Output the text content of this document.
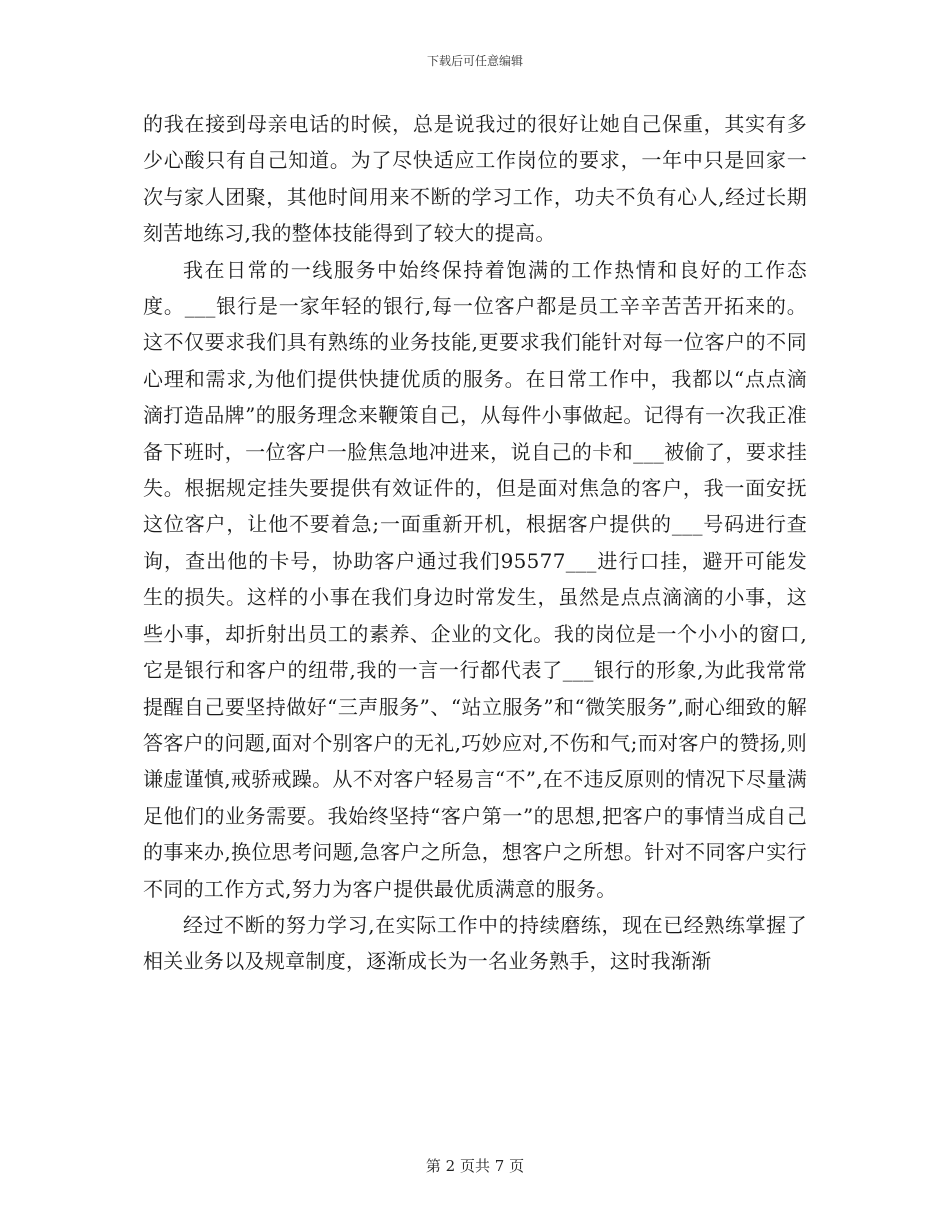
下载后可任意编辑

的我在接到母亲电话的时候，总是说我过的很好让她自己保重，其实有多少心酸只有自己知道。为了尽快适应工作岗位的要求，一年中只是回家一次与家人团聚，其他时间用来不断的学习工作，功夫不负有心人,经过长期刻苦地练习,我的整体技能得到了较大的提高。

我在日常的一线服务中始终保持着饱满的工作热情和良好的工作态度。___银行是一家年轻的银行,每一位客户都是员工辛辛苦苦开拓来的。这不仅要求我们具有熟练的业务技能,更要求我们能针对每一位客户的不同心理和需求,为他们提供快捷优质的服务。在日常工作中，我都以“点点滴滴打造品牌”的服务理念来鞭策自己，从每件小事做起。记得有一次我正准备下班时，一位客户一脸焦急地冲进来，说自己的卡和___被偷了，要求挂失。根据规定挂失要提供有效证件的，但是面对焦急的客户，我一面安抚这位客户，让他不要着急;一面重新开机，根据客户提供的___号码进行查询，查出他的卡号，协助客户通过我们95577___进行口挂，避开可能发生的损失。这样的小事在我们身边时常发生，虽然是点点滴滴的小事，这些小事，却折射出员工的素养、企业的文化。我的岗位是一个小小的窗口,它是银行和客户的纽带,我的一言一行都代表了___银行的形象,为此我常常提醒自己要坚持做好“三声服务”、“站立服务”和“微笑服务”,耐心细致的解答客户的问题,面对个别客户的无礼,巧妙应对,不伤和气;而对客户的赞扬,则谦虚谨慎,戒骄戒躁。从不对客户轻易言“不”,在不违反原则的情况下尽量满足他们的业务需要。我始终坚持“客户第一”的思想,把客户的事情当成自己的事来办,换位思考问题,急客户之所急，想客户之所想。针对不同客户实行不同的工作方式,努力为客户提供最优质满意的服务。

经过不断的努力学习,在实际工作中的持续磨练，现在已经熟练掌握了相关业务以及规章制度，逐渐成长为一名业务熟手，这时我渐渐

第 2 页共 7 页
